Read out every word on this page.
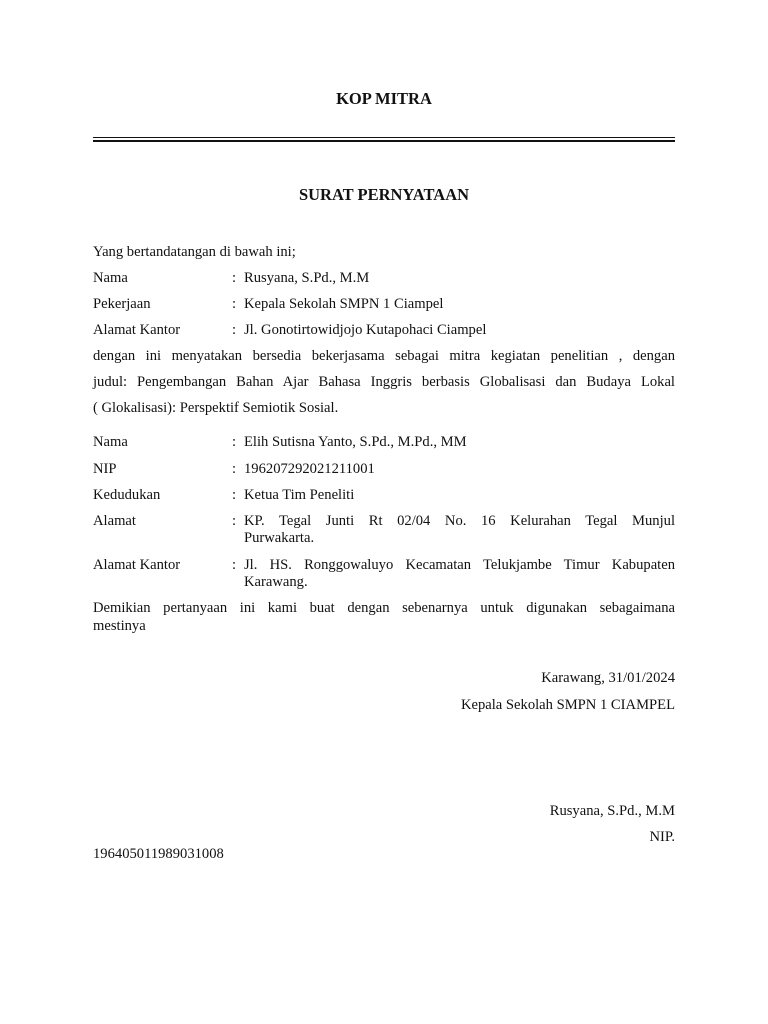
KOP MITRA
SURAT PERNYATAAN
Yang bertandatangan di bawah ini;
Nama	: Rusyana, S.Pd., M.M
Pekerjaan	: Kepala Sekolah SMPN 1 Ciampel
Alamat Kantor	: Jl. Gonotirtowidjojo Kutapohaci Ciampel
dengan ini menyatakan bersedia bekerjasama sebagai mitra kegiatan penelitian , dengan
judul: Pengembangan Bahan Ajar Bahasa Inggris berbasis Globalisasi dan Budaya Lokal
( Glokalisasi): Perspektif Semiotik Sosial.
Nama	: Elih Sutisna Yanto, S.Pd., M.Pd., MM
NIP	: 196207292021211001
Kedudukan	: Ketua Tim Peneliti
Alamat	: KP. Tegal Junti Rt 02/04 No. 16 Kelurahan Tegal Munjul
Purwakarta.
Alamat Kantor	: Jl. HS. Ronggowaluyo Kecamatan Telukjambe Timur Kabupaten
Karawang.
Demikian pertanyaan ini kami buat dengan sebenarnya untuk digunakan sebagaimana
mestinya
Karawang, 31/01/2024
Kepala Sekolah SMPN 1 CIAMPEL
Rusyana, S.Pd., M.M
NIP.
196405011989031008
